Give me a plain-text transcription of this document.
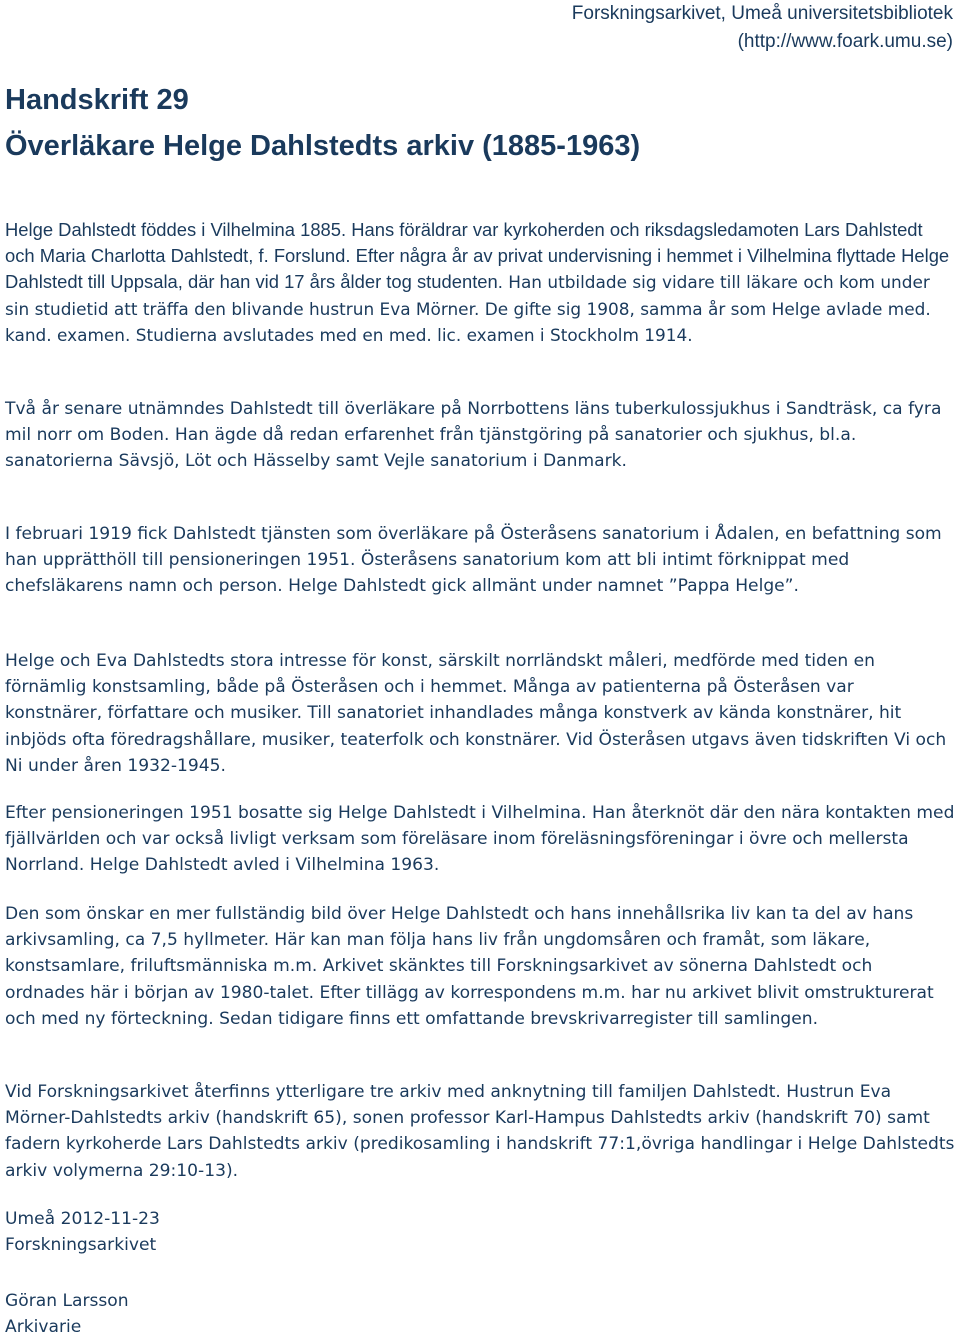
Forskningsarkivet, Umeå universitetsbibliotek
(http://www.foark.umu.se)
Handskrift 29
Överläkare Helge Dahlstedts arkiv (1885-1963)

Helge Dahlstedt föddes i Vilhelmina 1885. Hans föräldrar var kyrkoherden och riksdagsledamoten Lars Dahlstedt och Maria Charlotta Dahlstedt, f. Forslund. Efter några år av privat undervisning i hemmet i Vilhelmina flyttade Helge Dahlstedt till Uppsala, där han vid 17 års ålder tog studenten. Han utbildade sig vidare till läkare och kom under sin studietid att träffa den blivande hustrun Eva Mörner. De gifte sig 1908, samma år som Helge avlade med. kand. examen. Studierna avslutades med en med. lic. examen i Stockholm 1914.

Två år senare utnämndes Dahlstedt till överläkare på Norrbottens läns tuberkulossjukhus i Sandträsk, ca fyra mil norr om Boden. Han ägde då redan erfarenhet från tjänstgöring på sanatorier och sjukhus, bl.a. sanatorierna Sävsjö, Löt och Hässelby samt Vejle sanatorium i Danmark.

I februari 1919 fick Dahlstedt tjänsten som överläkare på Österåsens sanatorium i Ådalen, en befattning som han upprätthöll till pensioneringen 1951. Österåsens sanatorium kom att bli intimt förknippat med chefsläkarens namn och person. Helge Dahlstedt gick allmänt under namnet ”Pappa Helge”.

Helge och Eva Dahlstedts stora intresse för konst, särskilt norrländskt måleri, medförde med tiden en förnämlig konstsamling, både på Österåsen och i hemmet. Många av patienterna på Österåsen var konstnärer, författare och musiker. Till sanatoriet inhandlades många konstverk av kända konstnärer, hit inbjöds ofta föredragshållare, musiker, teaterfolk och konstnärer. Vid Österåsen utgavs även tidskriften Vi och Ni under åren 1932-1945.

Efter pensioneringen 1951 bosatte sig Helge Dahlstedt i Vilhelmina. Han återknöt där den nära kontakten med fjällvärlden och var också livligt verksam som föreläsare inom föreläsningsföreningar i övre och mellersta Norrland. Helge Dahlstedt avled i Vilhelmina 1963.

Den som önskar en mer fullständig bild över Helge Dahlstedt och hans innehållsrika liv kan ta del av hans arkivsamling, ca 7,5 hyllmeter. Här kan man följa hans liv från ungdomsåren och framåt, som läkare, konstsamlare, friluftsmänniska m.m. Arkivet skänktes till Forskningsarkivet av sönerna Dahlstedt och ordnades här i början av 1980-talet. Efter tillägg av korrespondens m.m. har nu arkivet blivit omstrukturerat och med ny förteckning. Sedan tidigare finns ett omfattande brevskrivarregister till samlingen.

Vid Forskningsarkivet återfinns ytterligare tre arkiv med anknytning till familjen Dahlstedt. Hustrun Eva Mörner-Dahlstedts arkiv (handskrift 65), sonen professor Karl-Hampus Dahlstedts arkiv (handskrift 70) samt fadern kyrkoherde Lars Dahlstedts arkiv (predikosamling i handskrift 77:1,övriga handlingar i Helge Dahlstedts arkiv volymerna 29:10-13).

Umeå 2012-11-23
Forskningsarkivet
Göran Larsson
Arkivarie
